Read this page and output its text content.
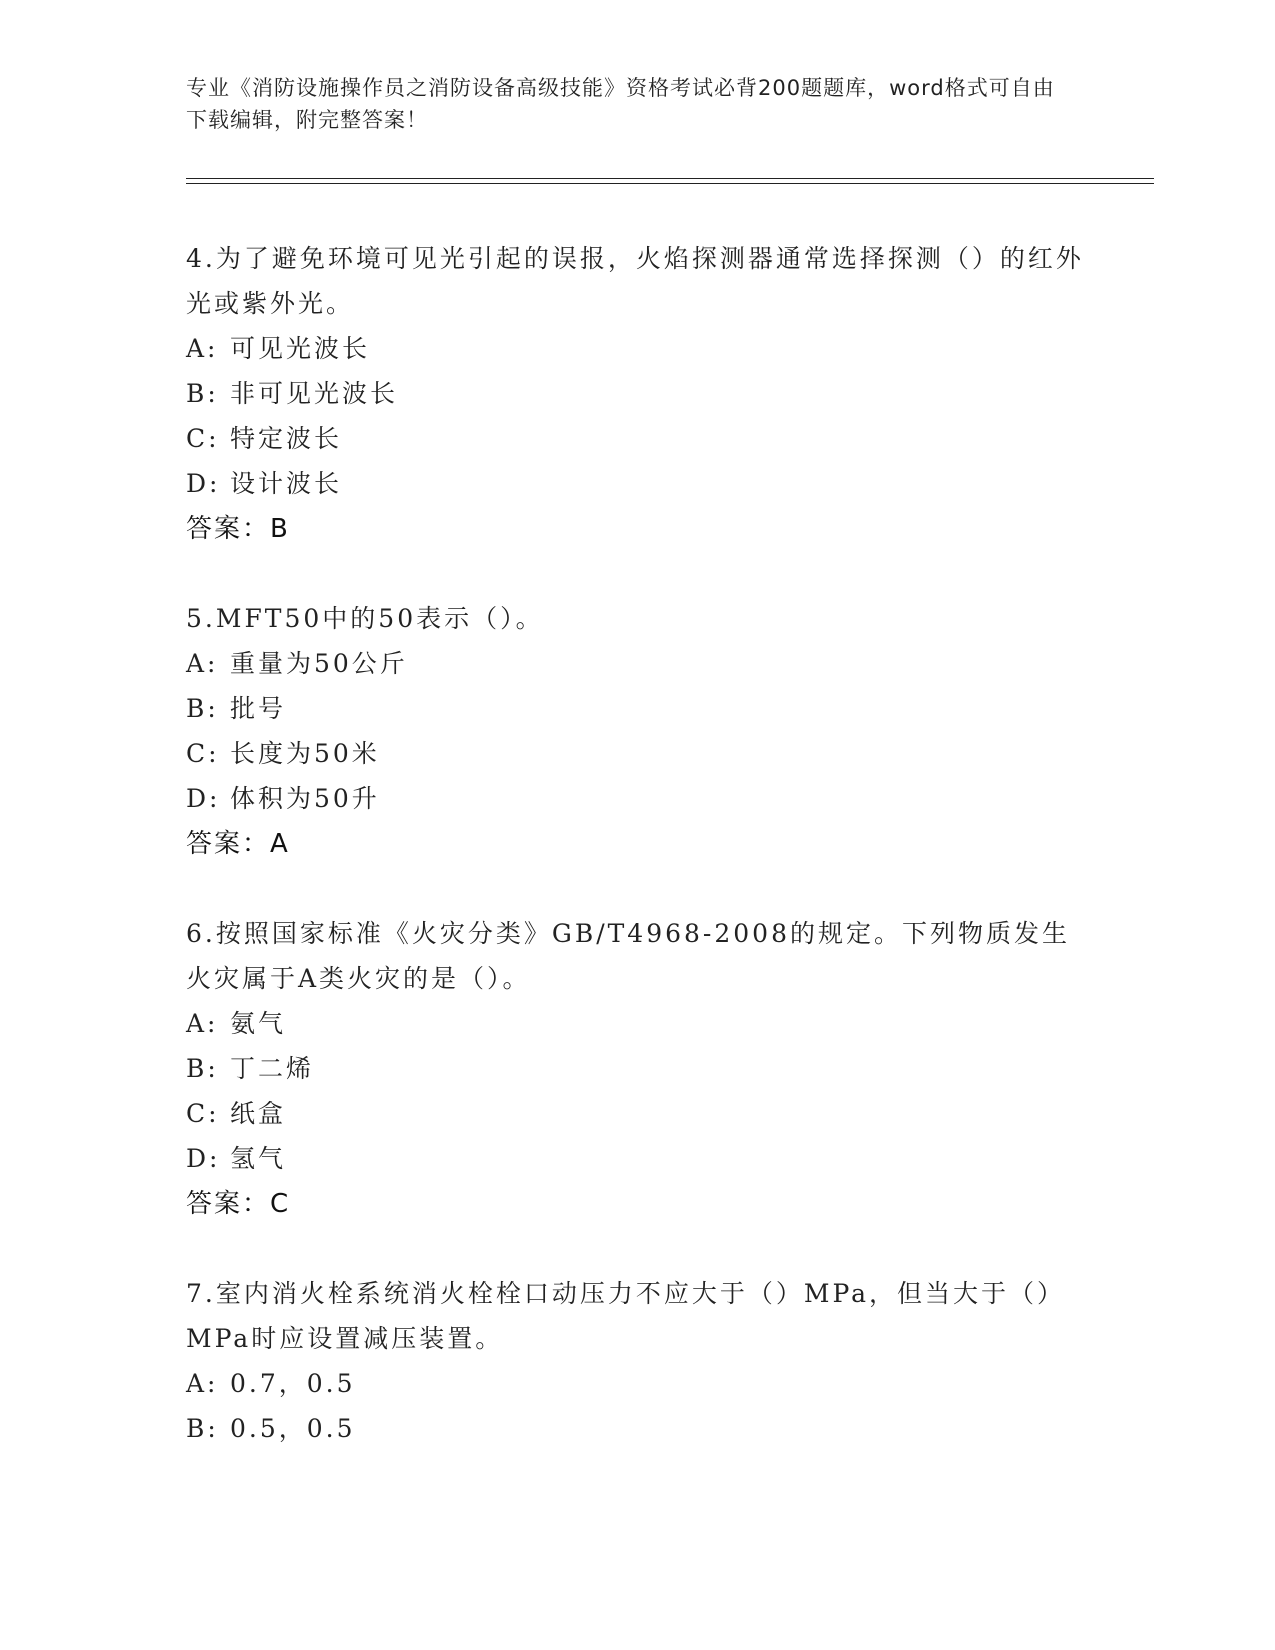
专业《消防设施操作员之消防设备高级技能》资格考试必背200题题库，word格式可自由下载编辑，附完整答案！
4.为了避免环境可见光引起的误报，火焰探测器通常选择探测（）的红外光或紫外光。
A: 可见光波长
B: 非可见光波长
C: 特定波长
D: 设计波长
答案：B
5.MFT50中的50表示（）。
A: 重量为50公斤
B: 批号
C: 长度为50米
D: 体积为50升
答案：A
6.按照国家标准《火灾分类》GB/T4968-2008的规定。下列物质发生火灾属于A类火灾的是（）。
A: 氨气
B: 丁二烯
C: 纸盒
D: 氢气
答案：C
7.室内消火栓系统消火栓栓口动压力不应大于（）MPa，但当大于（）MPa时应设置减压装置。
A: 0.7，0.5
B: 0.5，0.5
